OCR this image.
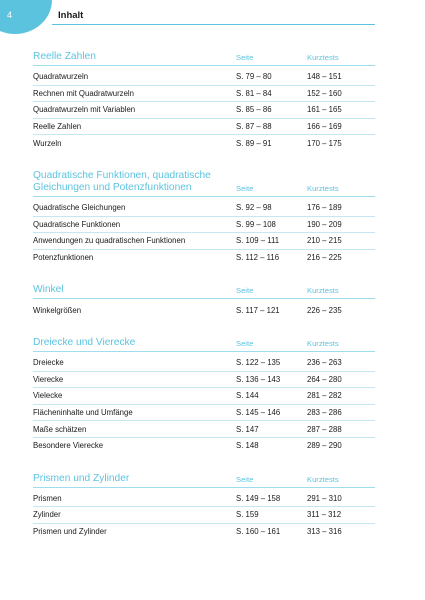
4	Inhalt
Reelle Zahlen	Seite	Kurztests
Quadratwurzeln	S. 79 – 80	148 – 151
Rechnen mit Quadratwurzeln	S. 81 – 84	152 – 160
Quadratwurzeln mit Variablen	S. 85 – 86	161 – 165
Reelle Zahlen	S. 87 – 88	166 – 169
Wurzeln	S. 89 – 91	170 – 175
Quadratische Funktionen, quadratische Gleichungen und Potenzfunktionen	Seite	Kurztests
Quadratische Gleichungen	S. 92 – 98	176 – 189
Quadratische Funktionen	S. 99 – 108	190 – 209
Anwendungen zu quadratischen Funktionen	S. 109 – 111	210 – 215
Potenzfunktionen	S. 112 – 116	216 – 225
Winkel	Seite	Kurztests
Winkelgrößen	S. 117 – 121	226 – 235
Dreiecke und Vierecke	Seite	Kurztests
Dreiecke	S. 122 – 135	236 – 263
Vierecke	S. 136 – 143	264 – 280
Vielecke	S. 144	281 – 282
Flächeninhalte und Umfänge	S. 145 – 146	283 – 286
Maße schätzen	S. 147	287 – 288
Besondere Vierecke	S. 148	289 – 290
Prismen und Zylinder	Seite	Kurztests
Prismen	S. 149 – 158	291 – 310
Zylinder	S. 159	311 – 312
Prismen und Zylinder	S. 160 – 161	313 – 316
